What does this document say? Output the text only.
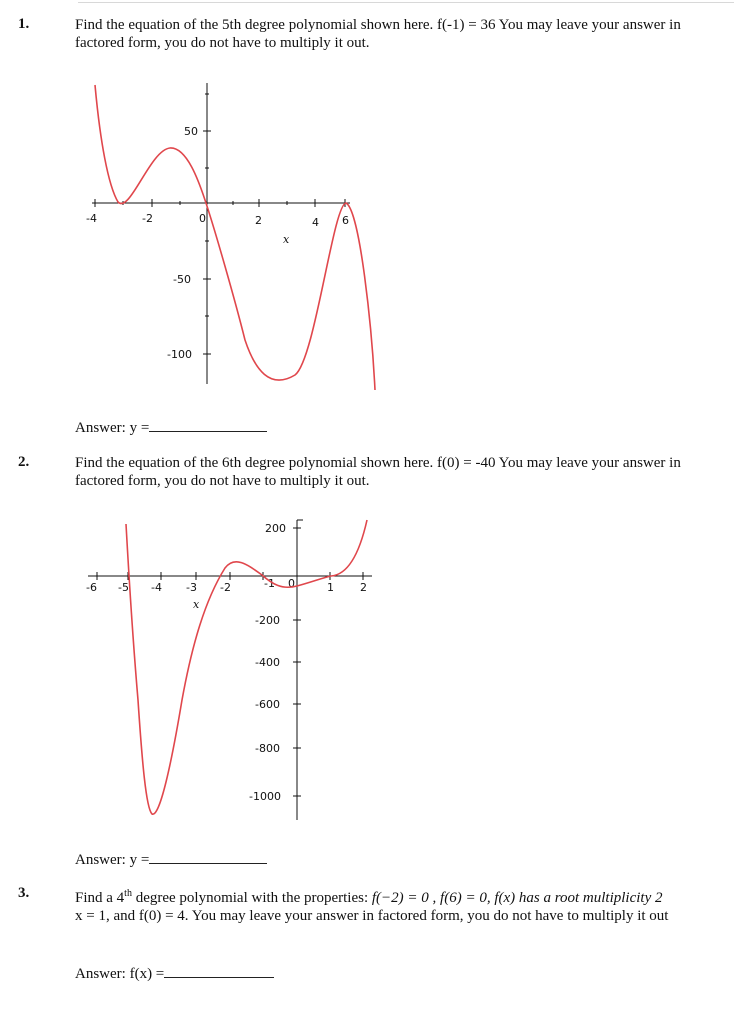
1.	Find the equation of the 5th degree polynomial shown here. f(-1) = 36 You may leave your answer in
factored form, you do not have to multiply it out.
-4	-2	0	2	4 6
x
50
-50
-100
Answer: y =
2.	Find the equation of the 6th degree polynomial shown here. f(0) = -40 You may leave your answer in
factored form, you do not have to multiply it out.
-6 -5 -4 -3 -2	-1 0	1 2
x
200
-200
-400
-600
-800
-1000
Answer: y =
3.	Find a 4th degree polynomial with the properties: f(−2) = 0 , f(6) = 0, f(x) has a root multiplicity 2
x = 1, and f(0) = 4. You may leave your answer in factored form, you do not have to multiply it out
Answer: f(x) =
